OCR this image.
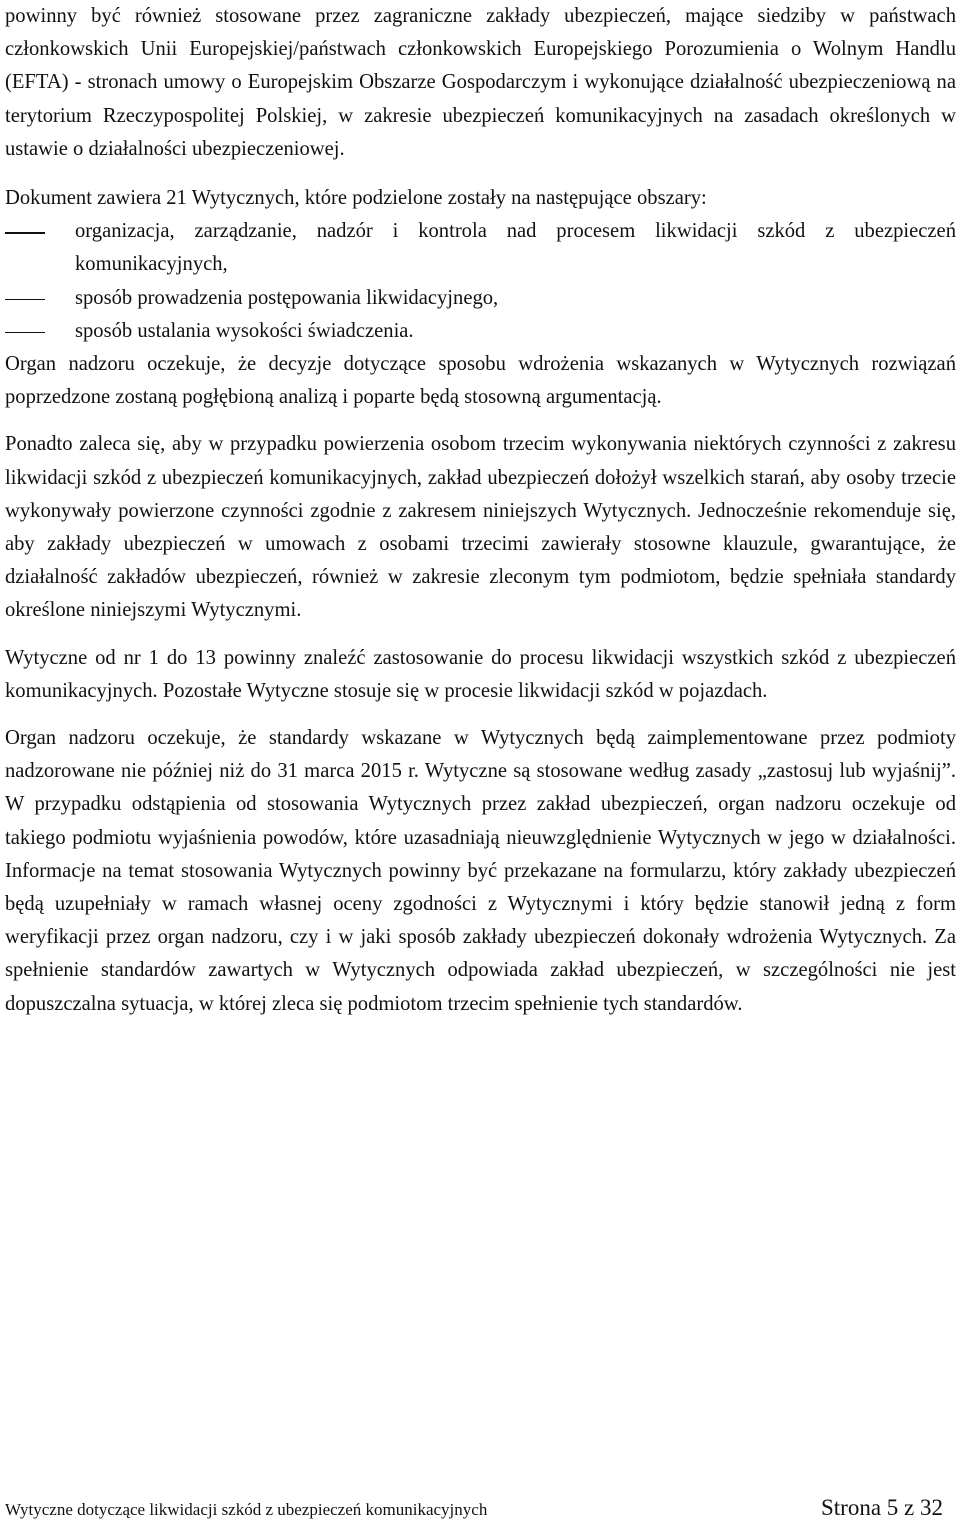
powinny być również stosowane przez zagraniczne zakłady ubezpieczeń, mające siedziby w państwach członkowskich Unii Europejskiej/państwach członkowskich Europejskiego Porozumienia o Wolnym Handlu (EFTA) - stronach umowy o Europejskim Obszarze Gospodarczym i wykonujące działalność ubezpieczeniową na terytorium Rzeczypospolitej Polskiej, w zakresie ubezpieczeń komunikacyjnych na zasadach określonych w ustawie o działalności ubezpieczeniowej.

Dokument zawiera 21 Wytycznych, które podzielone zostały na następujące obszary:

organizacja, zarządzanie, nadzór i kontrola nad procesem likwidacji szkód z ubezpieczeń komunikacyjnych,
sposób prowadzenia postępowania likwidacyjnego,
sposób ustalania wysokości świadczenia.

Organ nadzoru oczekuje, że decyzje dotyczące sposobu wdrożenia wskazanych w Wytycznych rozwiązań poprzedzone zostaną pogłębioną analizą i poparte będą stosowną argumentacją.

Ponadto zaleca się, aby w przypadku powierzenia osobom trzecim wykonywania niektórych czynności z zakresu likwidacji szkód z ubezpieczeń komunikacyjnych, zakład ubezpieczeń dołożył wszelkich starań, aby osoby trzecie wykonywały powierzone czynności zgodnie z zakresem niniejszych Wytycznych. Jednocześnie rekomenduje się, aby zakłady ubezpieczeń w umowach z osobami trzecimi zawierały stosowne klauzule, gwarantujące, że działalność zakładów ubezpieczeń, również w zakresie zleconym tym podmiotom, będzie spełniała standardy określone niniejszymi Wytycznymi.

Wytyczne od nr 1 do 13 powinny znaleźć zastosowanie do procesu likwidacji wszystkich szkód z ubezpieczeń komunikacyjnych. Pozostałe Wytyczne stosuje się w procesie likwidacji szkód w pojazdach.

Organ nadzoru oczekuje, że standardy wskazane w Wytycznych będą zaimplementowane przez podmioty nadzorowane nie później niż do 31 marca 2015 r. Wytyczne są stosowane według zasady „zastosuj lub wyjaśnij”. W przypadku odstąpienia od stosowania Wytycznych przez zakład ubezpieczeń, organ nadzoru oczekuje od takiego podmiotu wyjaśnienia powodów, które uzasadniają nieuwzględnienie Wytycznych w jego w działalności. Informacje na temat stosowania Wytycznych powinny być przekazane na formularzu, który zakłady ubezpieczeń będą uzupełniały w ramach własnej oceny zgodności z Wytycznymi i który będzie stanowił jedną z form weryfikacji przez organ nadzoru, czy i w jaki sposób zakłady ubezpieczeń dokonały wdrożenia Wytycznych. Za spełnienie standardów zawartych w Wytycznych odpowiada zakład ubezpieczeń, w szczególności nie jest dopuszczalna sytuacja, w której zleca się podmiotom trzecim spełnienie tych standardów.

Wytyczne dotyczące likwidacji szkód z ubezpieczeń komunikacyjnych	Strona 5 z 32
